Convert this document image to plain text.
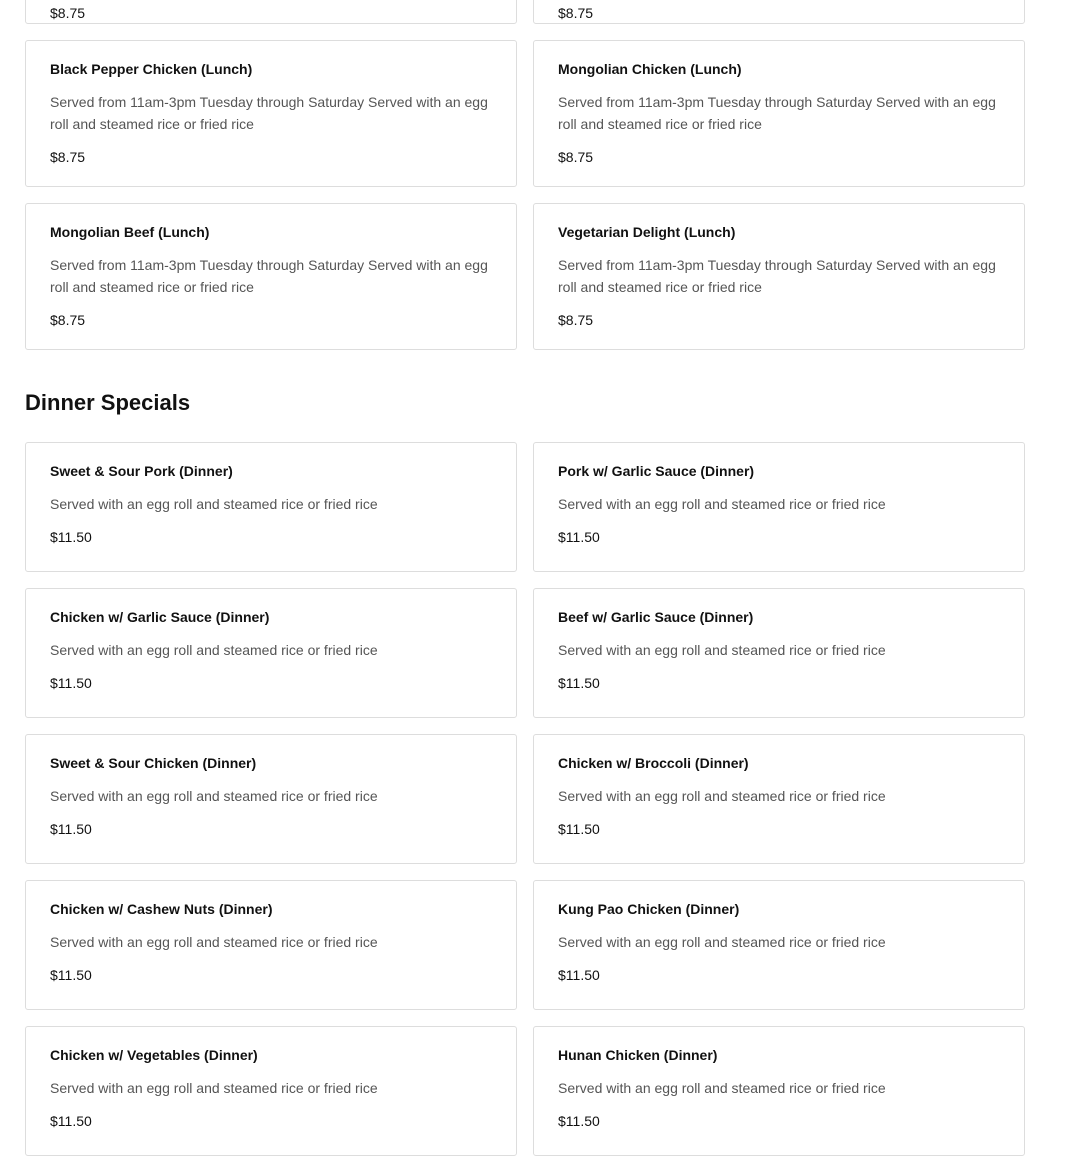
$8.75	$8.75
Black Pepper Chicken (Lunch)
Served from 11am-3pm Tuesday through Saturday Served with an egg roll and steamed rice or fried rice
$8.75
Mongolian Chicken (Lunch)
Served from 11am-3pm Tuesday through Saturday Served with an egg roll and steamed rice or fried rice
$8.75
Mongolian Beef (Lunch)
Served from 11am-3pm Tuesday through Saturday Served with an egg roll and steamed rice or fried rice
$8.75
Vegetarian Delight (Lunch)
Served from 11am-3pm Tuesday through Saturday Served with an egg roll and steamed rice or fried rice
$8.75
Dinner Specials
Sweet & Sour Pork (Dinner)
Served with an egg roll and steamed rice or fried rice
$11.50
Pork w/ Garlic Sauce (Dinner)
Served with an egg roll and steamed rice or fried rice
$11.50
Chicken w/ Garlic Sauce (Dinner)
Served with an egg roll and steamed rice or fried rice
$11.50
Beef w/ Garlic Sauce (Dinner)
Served with an egg roll and steamed rice or fried rice
$11.50
Sweet & Sour Chicken (Dinner)
Served with an egg roll and steamed rice or fried rice
$11.50
Chicken w/ Broccoli (Dinner)
Served with an egg roll and steamed rice or fried rice
$11.50
Chicken w/ Cashew Nuts (Dinner)
Served with an egg roll and steamed rice or fried rice
$11.50
Kung Pao Chicken (Dinner)
Served with an egg roll and steamed rice or fried rice
$11.50
Chicken w/ Vegetables (Dinner)
Served with an egg roll and steamed rice or fried rice
$11.50
Hunan Chicken (Dinner)
Served with an egg roll and steamed rice or fried rice
$11.50
